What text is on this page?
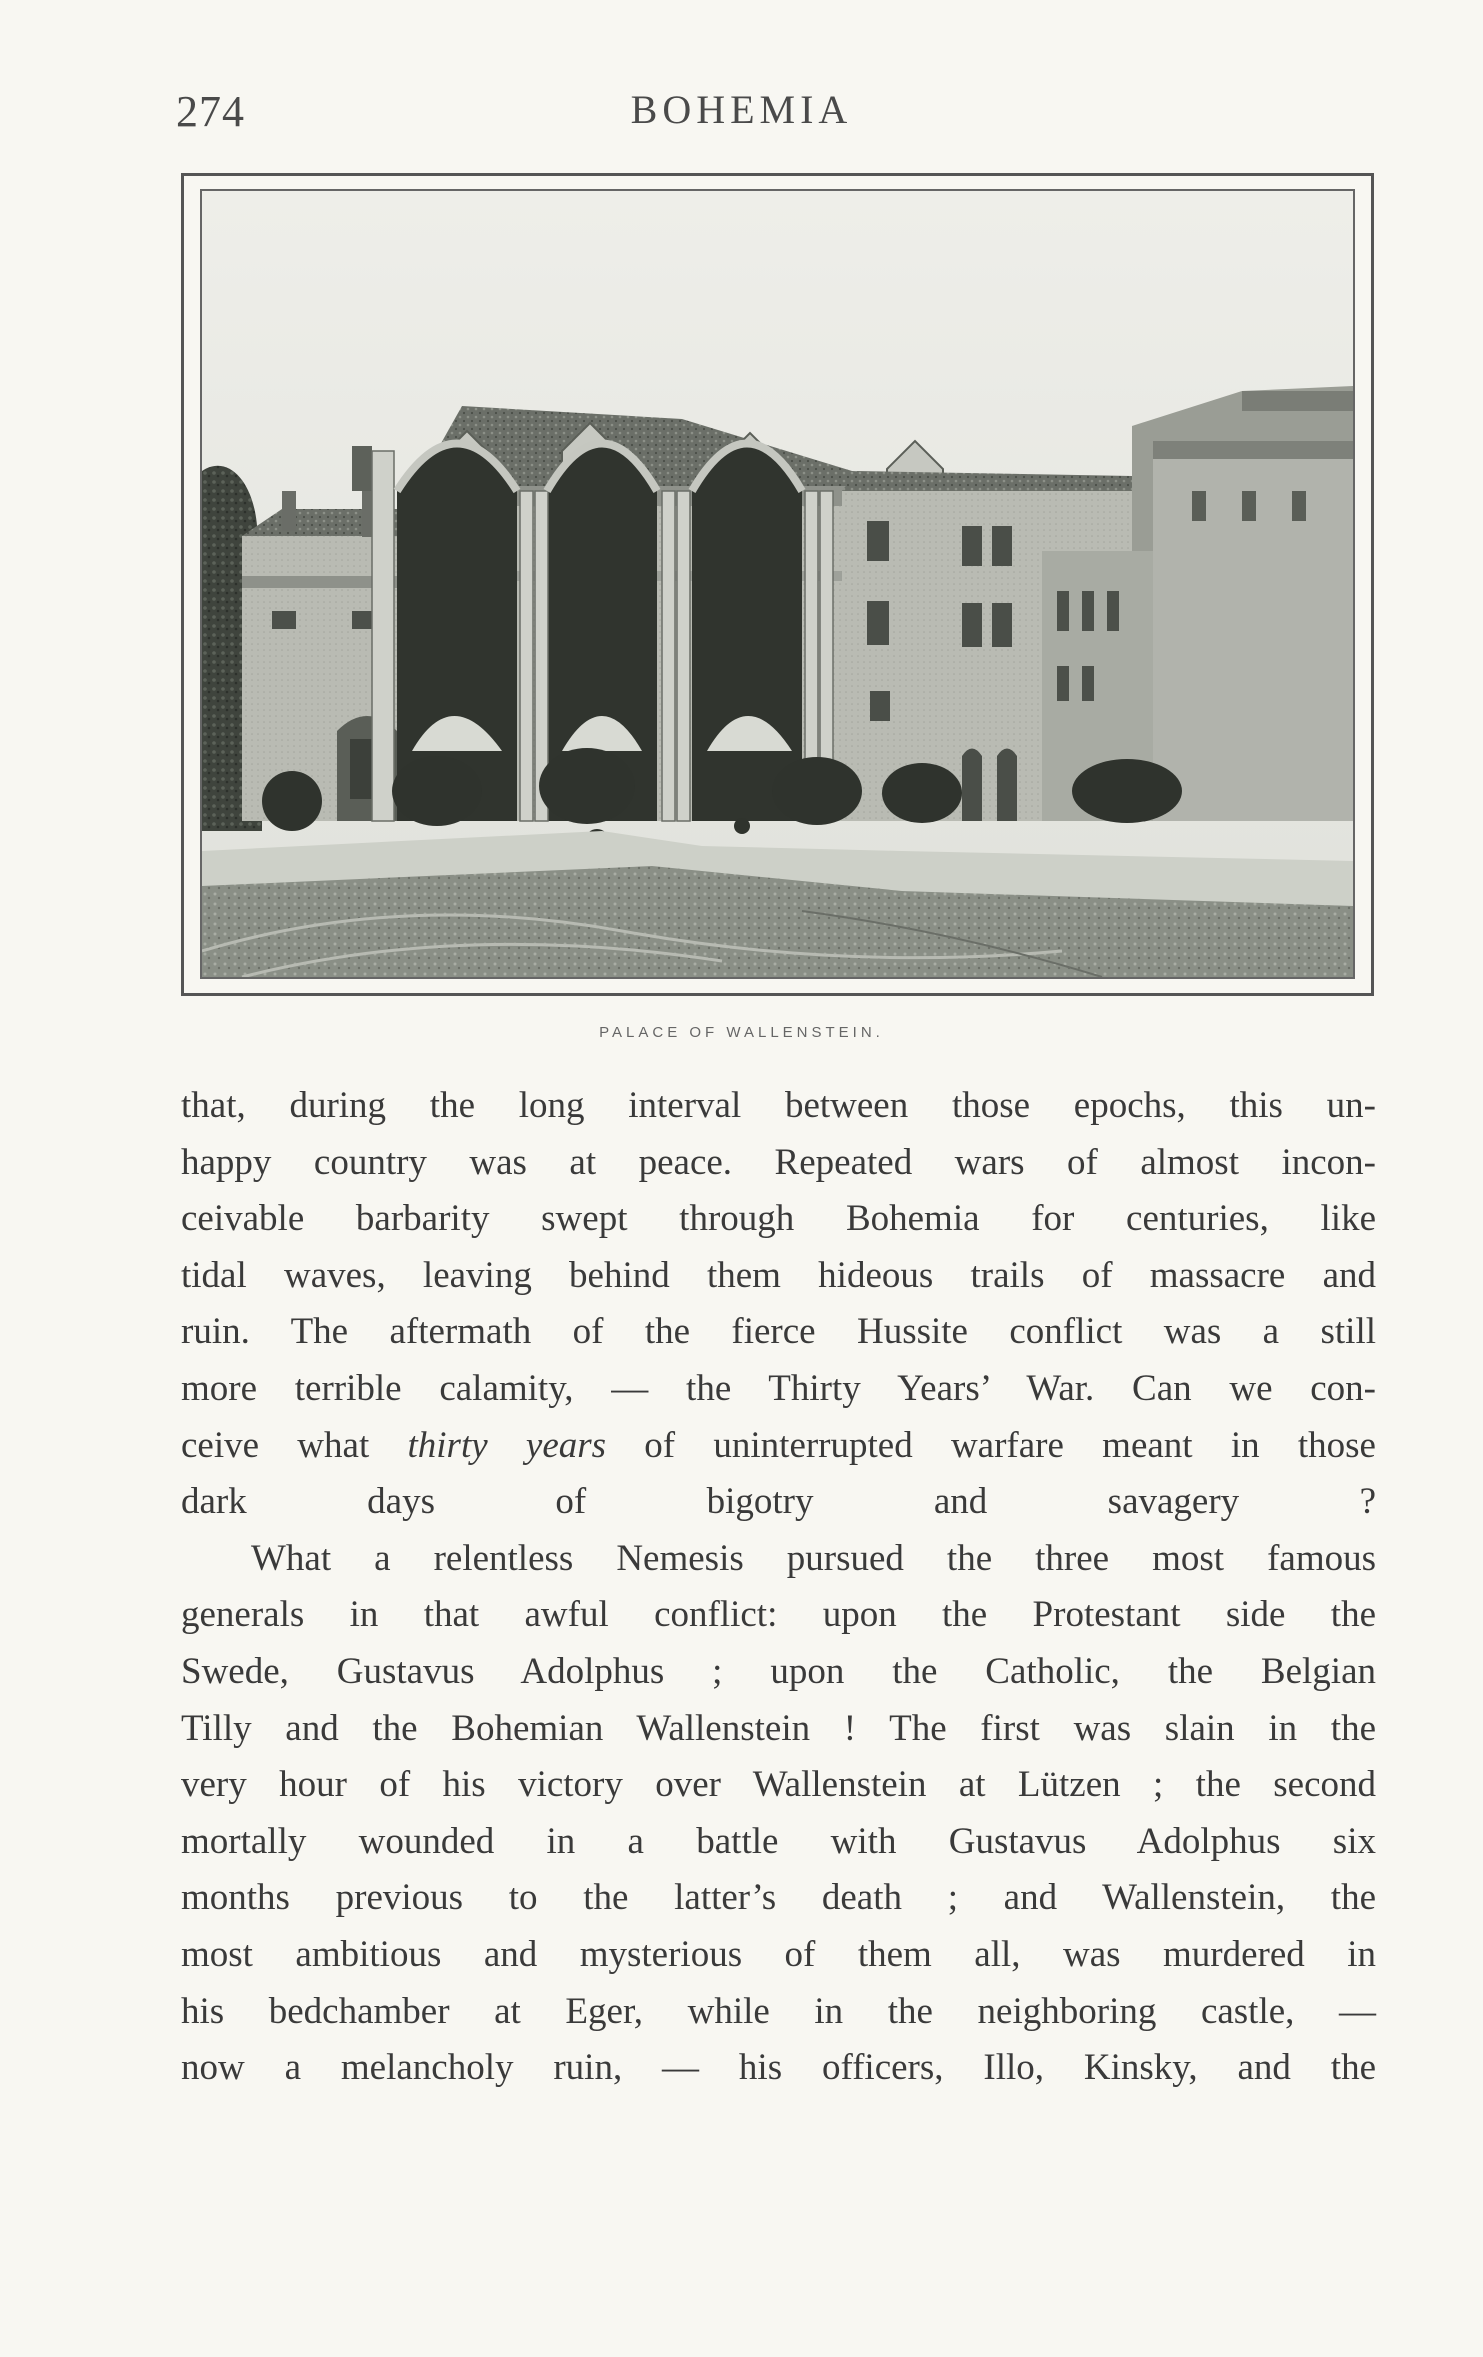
274	BOHEMIA
PALACE OF WALLENSTEIN.
that, during the long interval between those epochs, this un-
happy country was at peace. Repeated wars of almost incon-
ceivable barbarity swept through Bohemia for centuries, like
tidal waves, leaving behind them hideous trails of massacre and
ruin. The aftermath of the fierce Hussite conflict was a still
more terrible calamity, — the Thirty Years’ War. Can we con-
ceive what thirty years of uninterrupted warfare meant in those
dark days of bigotry and savagery ?
What a relentless Nemesis pursued the three most famous
generals in that awful conflict: upon the Protestant side the
Swede, Gustavus Adolphus ; upon the Catholic, the Belgian
Tilly and the Bohemian Wallenstein ! The first was slain in the
very hour of his victory over Wallenstein at Lützen ; the second
mortally wounded in a battle with Gustavus Adolphus six
months previous to the latter’s death ; and Wallenstein, the
most ambitious and mysterious of them all, was murdered in
his bedchamber at Eger, while in the neighboring castle, —
now a melancholy ruin, — his officers, Illo, Kinsky, and the
